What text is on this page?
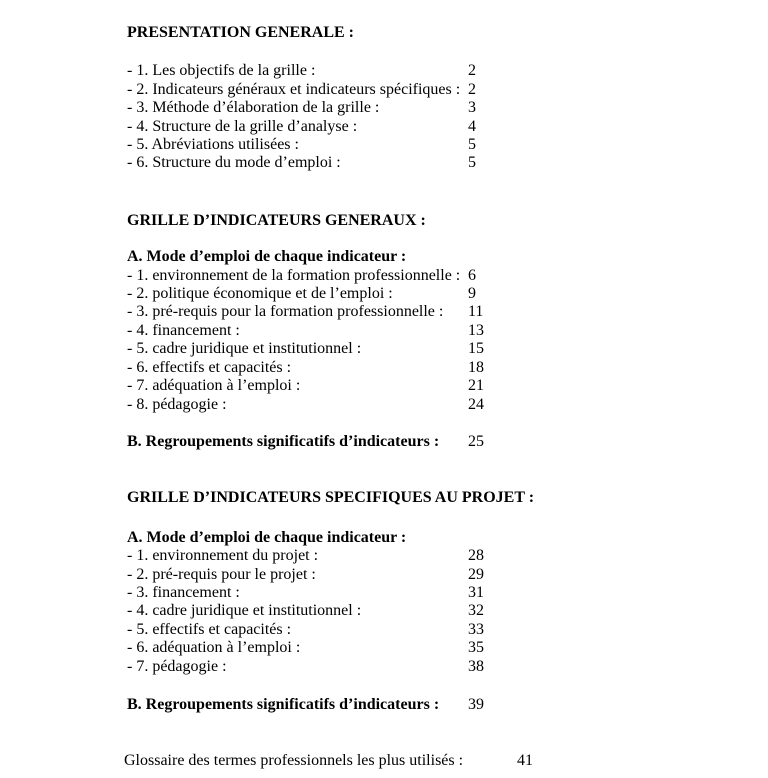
PRESENTATION GENERALE :
- 1. Les objectifs de la grille :	2
- 2. Indicateurs généraux et indicateurs spécifiques : 2
- 3. Méthode d’élaboration de la grille :	3
- 4. Structure de la grille d’analyse :	4
- 5. Abréviations utilisées :	5
- 6. Structure du mode d’emploi :	5
GRILLE D’INDICATEURS GENERAUX :
A. Mode d’emploi de chaque indicateur :
- 1. environnement de la formation professionnelle : 6
- 2. politique économique et de l’emploi :	9
- 3. pré-requis pour la formation professionnelle :	11
- 4. financement :	13
- 5. cadre juridique et institutionnel :	15
- 6. effectifs et capacités :	18
- 7. adéquation à l’emploi :	21
- 8. pédagogie :	24
B. Regroupements significatifs d’indicateurs :	25
GRILLE D’INDICATEURS SPECIFIQUES AU PROJET :
A. Mode d’emploi de chaque indicateur :
- 1. environnement du projet :	28
- 2. pré-requis pour le projet :	29
- 3. financement :	31
- 4. cadre juridique et institutionnel :	32
- 5. effectifs et capacités :	33
- 6. adéquation à l’emploi :	35
- 7. pédagogie :	38
B. Regroupements significatifs d’indicateurs :	39
Glossaire des termes professionnels les plus utilisés :	41
